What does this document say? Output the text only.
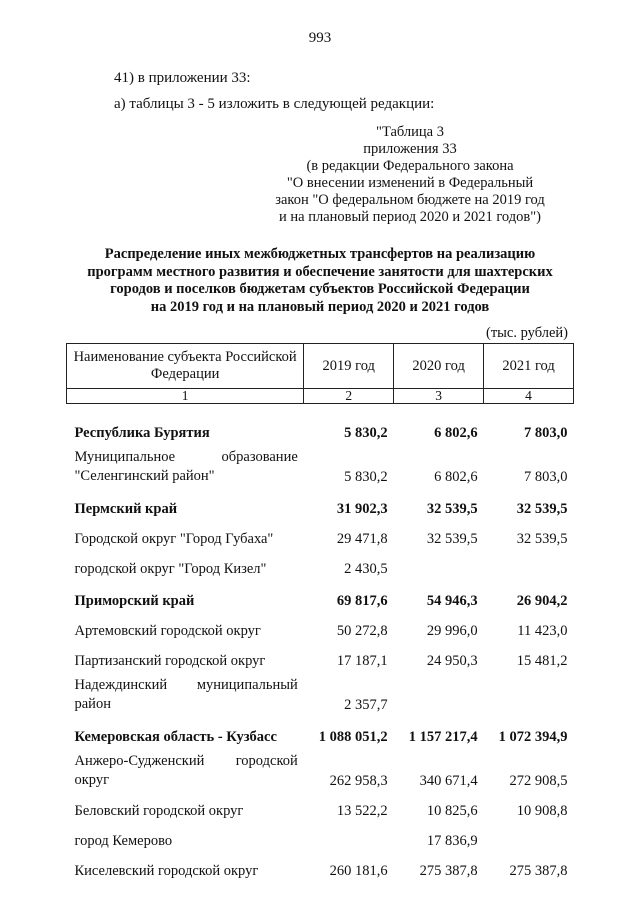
993
41) в приложении 33:
а) таблицы 3 - 5 изложить в следующей редакции:
"Таблица 3
приложения 33
(в редакции Федерального закона
"О внесении изменений в Федеральный
закон "О федеральном бюджете на 2019 год
и на плановый период 2020 и 2021 годов")
Распределение иных межбюджетных трансфертов на реализацию
программ местного развития и обеспечение занятости для шахтерских
городов и поселков бюджетам субъектов Российской Федерации
на 2019 год и на плановый период 2020 и 2021 годов
(тыс. рублей)
Наименование субъекта Российской Федерации	2019 год	2020 год	2021 год
1	2	3	4

Республика Бурятия	5 830,2	6 802,6	7 803,0
Муниципальное образование "Селенгинский район"	5 830,2	6 802,6	7 803,0
Пермский край	31 902,3	32 539,5	32 539,5
Городской округ "Город Губаха"	29 471,8	32 539,5	32 539,5
городской округ "Город Кизел"	2 430,5		
Приморский край	69 817,6	54 946,3	26 904,2
Артемовский городской округ	50 272,8	29 996,0	11 423,0
Партизанский городской округ	17 187,1	24 950,3	15 481,2
Надеждинский муниципальный район	2 357,7		
Кемеровская область - Кузбасс	1 088 051,2	1 157 217,4	1 072 394,9
Анжеро-Судженский городской округ	262 958,3	340 671,4	272 908,5
Беловский городской округ	13 522,2	10 825,6	10 908,8
город Кемерово		17 836,9	
Киселевский городской округ	260 181,6	275 387,8	275 387,8
